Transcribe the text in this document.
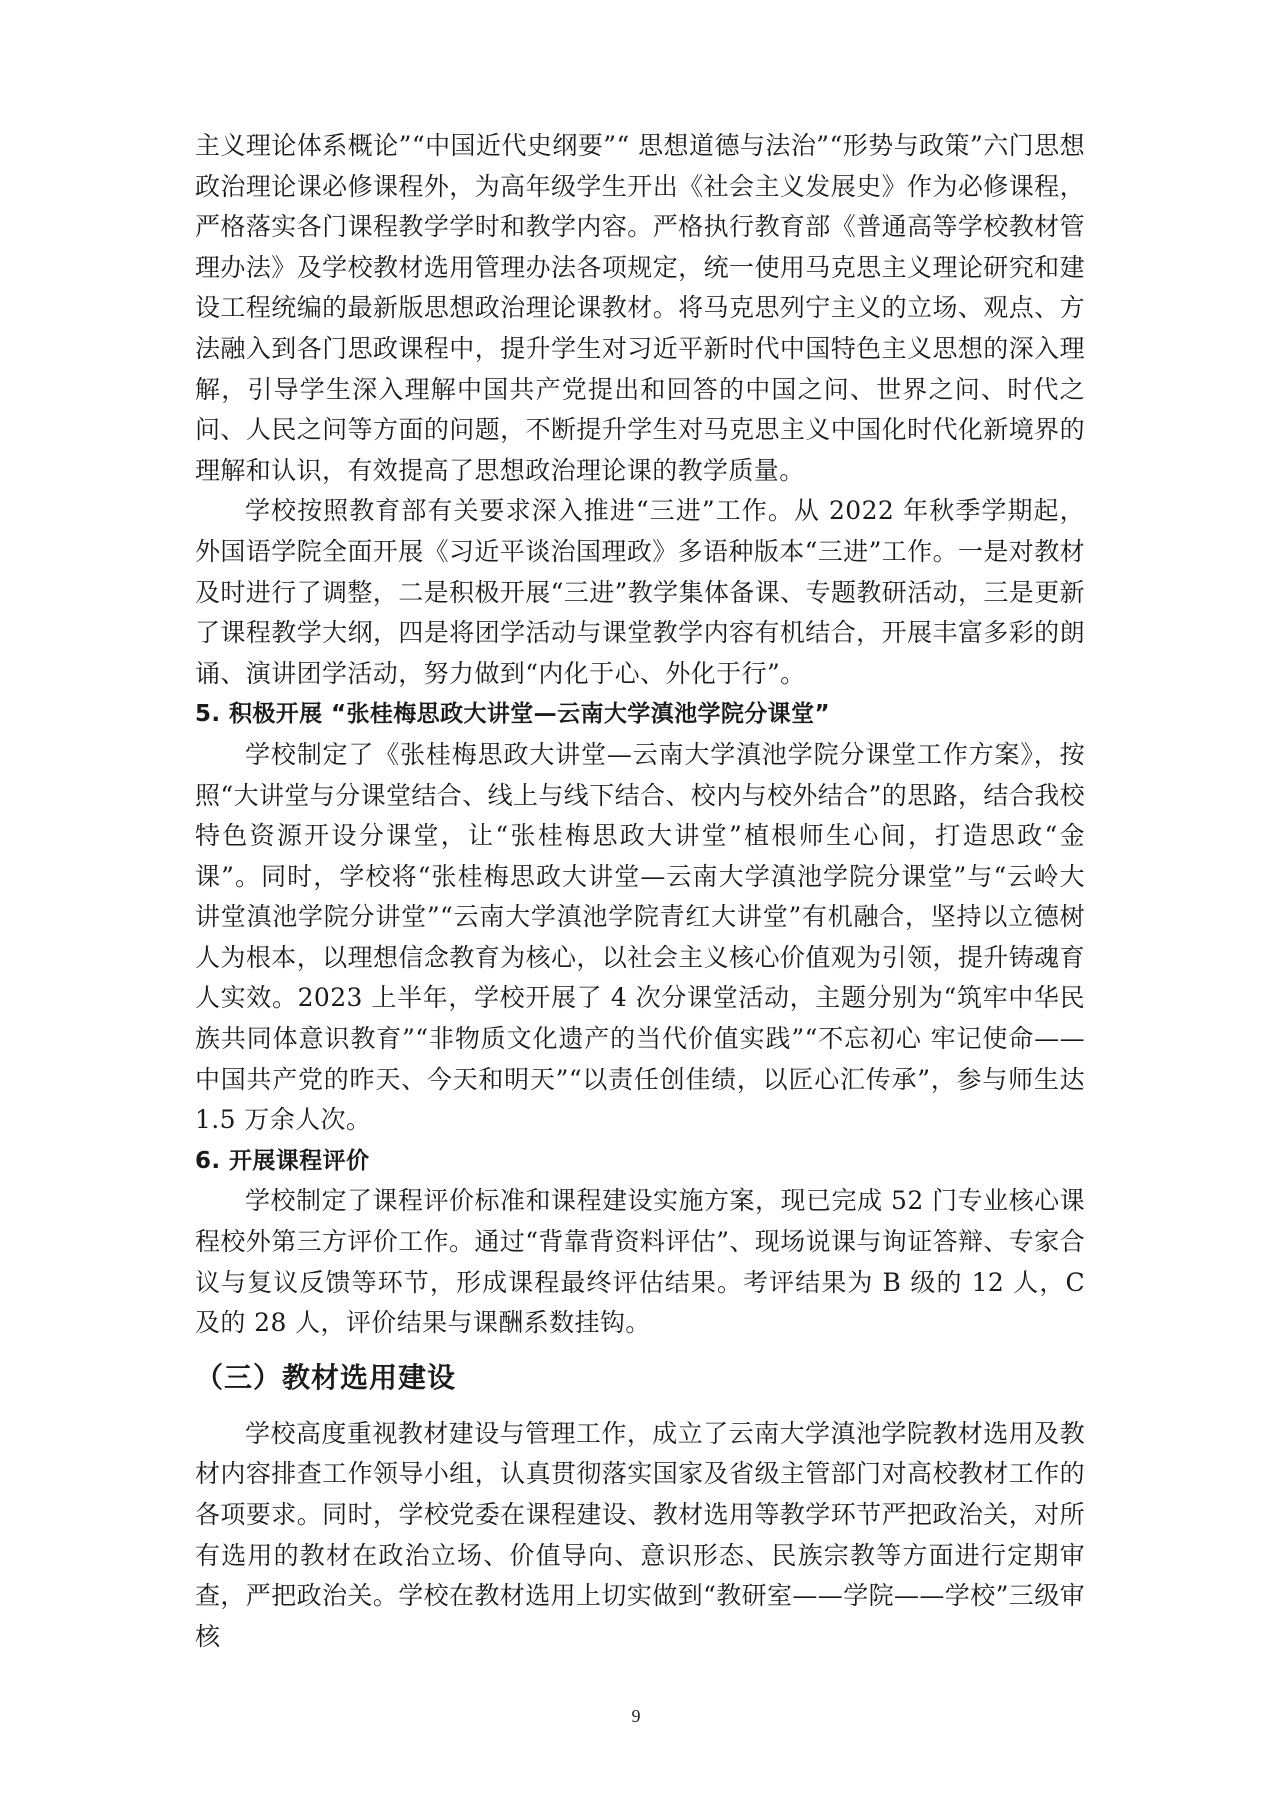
主义理论体系概论”“中国近代史纲要”“ 思想道德与法治”“形势与政策”六门思想政治理论课必修课程外，为高年级学生开出《社会主义发展史》作为必修课程，严格落实各门课程教学学时和教学内容。严格执行教育部《普通高等学校教材管理办法》及学校教材选用管理办法各项规定，统一使用马克思主义理论研究和建设工程统编的最新版思想政治理论课教材。将马克思列宁主义的立场、观点、方法融入到各门思政课程中，提升学生对习近平新时代中国特色主义思想的深入理解，引导学生深入理解中国共产党提出和回答的中国之问、世界之问、时代之问、人民之问等方面的问题，不断提升学生对马克思主义中国化时代化新境界的理解和认识，有效提高了思想政治理论课的教学质量。

学校按照教育部有关要求深入推进“三进”工作。从 2022 年秋季学期起，外国语学院全面开展《习近平谈治国理政》多语种版本“三进”工作。一是对教材及时进行了调整，二是积极开展“三进”教学集体备课、专题教研活动，三是更新了课程教学大纲，四是将团学活动与课堂教学内容有机结合，开展丰富多彩的朗诵、演讲团学活动，努力做到“内化于心、外化于行”。

5. 积极开展 “张桂梅思政大讲堂—云南大学滇池学院分课堂”

学校制定了《张桂梅思政大讲堂—云南大学滇池学院分课堂工作方案》，按照“大讲堂与分课堂结合、线上与线下结合、校内与校外结合”的思路，结合我校特色资源开设分课堂，让“张桂梅思政大讲堂”植根师生心间，打造思政“金课”。同时，学校将“张桂梅思政大讲堂—云南大学滇池学院分课堂”与“云岭大讲堂滇池学院分讲堂”“云南大学滇池学院青红大讲堂”有机融合，坚持以立德树人为根本，以理想信念教育为核心，以社会主义核心价值观为引领，提升铸魂育人实效。2023 上半年，学校开展了 4 次分课堂活动，主题分别为“筑牢中华民族共同体意识教育”“非物质文化遗产的当代价值实践”“不忘初心 牢记使命——中国共产党的昨天、今天和明天”“以责任创佳绩，以匠心汇传承”，参与师生达 1.5 万余人次。

6. 开展课程评价

学校制定了课程评价标准和课程建设实施方案，现已完成 52 门专业核心课程校外第三方评价工作。通过“背靠背资料评估”、现场说课与询证答辩、专家合议与复议反馈等环节，形成课程最终评估结果。考评结果为 B 级的 12 人，C 及的 28 人，评价结果与课酬系数挂钩。

（三）教材选用建设

学校高度重视教材建设与管理工作，成立了云南大学滇池学院教材选用及教材内容排查工作领导小组，认真贯彻落实国家及省级主管部门对高校教材工作的各项要求。同时，学校党委在课程建设、教材选用等教学环节严把政治关，对所有选用的教材在政治立场、价值导向、意识形态、民族宗教等方面进行定期审查，严把政治关。学校在教材选用上切实做到“教研室——学院——学校”三级审核

9
